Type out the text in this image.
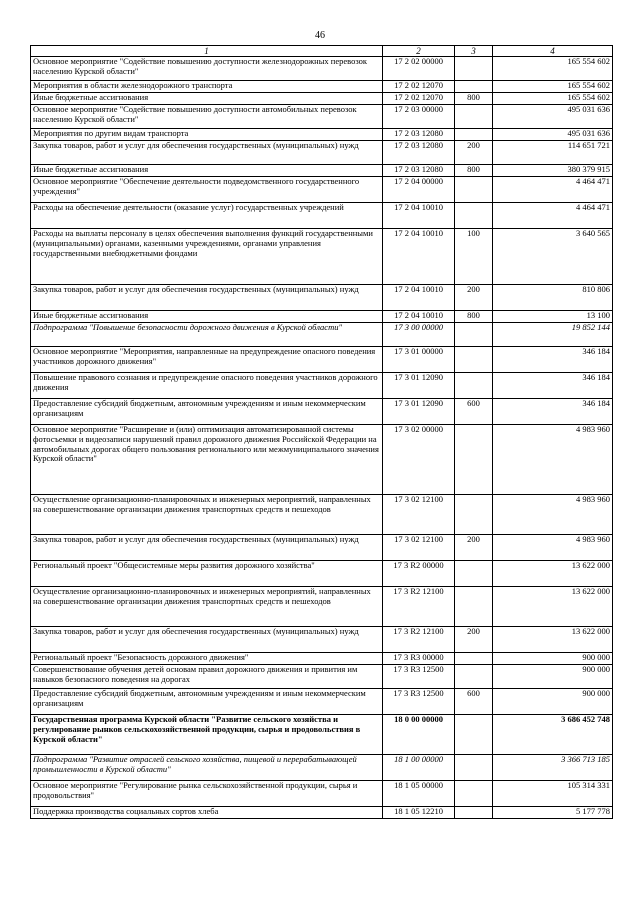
46
1	2	3	4
Основное мероприятие "Содействие повышению доступности железнодорожных перевозок населению Курской области"	17 2 02 00000		165 554 602
Мероприятия в области железнодорожного транспорта	17 2 02 12070		165 554 602
Иные бюджетные ассигнования	17 2 02 12070	800	165 554 602
Основное мероприятие "Содействие повышению доступности автомобильных перевозок населению Курской области"	17 2 03 00000		495 031 636
Мероприятия по другим видам транспорта	17 2 03 12080		495 031 636
Закупка товаров, работ и услуг для обеспечения государственных (муниципальных) нужд	17 2 03 12080	200	114 651 721
Иные бюджетные ассигнования	17 2 03 12080	800	380 379 915
Основное мероприятие "Обеспечение деятельности подведомственного государственного учреждения"	17 2 04 00000		4 464 471
Расходы на обеспечение деятельности (оказание услуг) государственных учреждений	17 2 04 10010		4 464 471
Расходы на выплаты персоналу в целях обеспечения выполнения функций государственными (муниципальными) органами, казенными учреждениями, органами управления государственными внебюджетными фондами	17 2 04 10010	100	3 640 565
Закупка товаров, работ и услуг для обеспечения государственных (муниципальных) нужд	17 2 04 10010	200	810 806
Иные бюджетные ассигнования	17 2 04 10010	800	13 100
Подпрограмма "Повышение безопасности дорожного движения в Курской области"	17 3 00 00000		19 852 144
Основное мероприятие "Мероприятия, направленные на предупреждение опасного поведения участников дорожного движения"	17 3 01 00000		346 184
Повышение правового сознания и предупреждение опасного поведения участников дорожного движения	17 3 01 12090		346 184
Предоставление субсидий бюджетным, автономным учреждениям и иным некоммерческим организациям	17 3 01 12090	600	346 184
Основное мероприятие "Расширение и (или) оптимизация автоматизированной системы фотосъемки и видеозаписи нарушений правил дорожного движения Российской Федерации на автомобильных дорогах общего пользования регионального или межмуниципального значения Курской области"	17 3 02 00000		4 983 960
Осуществление организационно-планировочных и инженерных мероприятий, направленных на совершенствование организации движения транспортных средств и пешеходов	17 3 02 12100		4 983 960
Закупка товаров, работ и услуг для обеспечения государственных (муниципальных) нужд	17 3 02 12100	200	4 983 960
Региональный проект "Общесистемные меры развития дорожного хозяйства"	17 3 R2 00000		13 622 000
Осуществление организационно-планировочных и инженерных мероприятий, направленных на совершенствование организации движения транспортных средств и пешеходов	17 3 R2 12100		13 622 000
Закупка товаров, работ и услуг для обеспечения государственных (муниципальных) нужд	17 3 R2 12100	200	13 622 000
Региональный проект "Безопасность дорожного движения"	17 3 R3 00000		900 000
Совершенствование обучения детей основам правил дорожного движения и привития им навыков безопасного поведения на дорогах	17 3 R3 12500		900 000
Предоставление субсидий бюджетным, автономным учреждениям и иным некоммерческим организациям	17 3 R3 12500	600	900 000
Государственная программа Курской области "Развитие сельского хозяйства и регулирование рынков сельскохозяйственной продукции, сырья и продовольствия в Курской области"	18 0 00 00000		3 686 452 748
Подпрограмма "Развитие отраслей сельского хозяйства, пищевой и перерабатывающей промышленности в Курской области"	18 1 00 00000		3 366 713 185
Основное мероприятие "Регулирование рынка сельскохозяйственной продукции, сырья и продовольствия"	18 1 05 00000		105 314 331
Поддержка производства социальных сортов хлеба	18 1 05 12210		5 177 778
